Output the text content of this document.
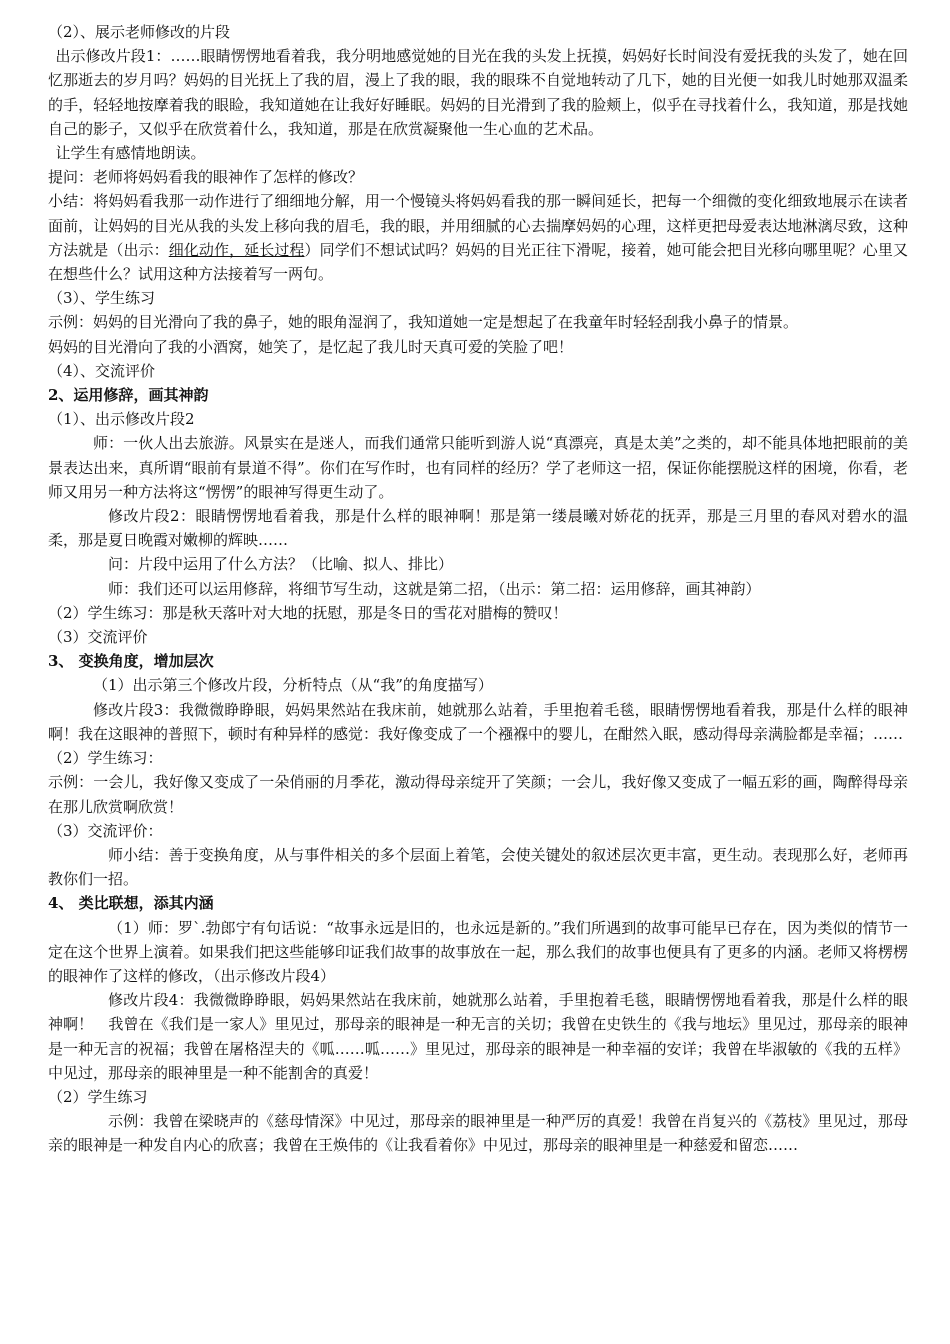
（2）、展示老师修改的片段

出示修改片段1：……眼睛愣愣地看着我，我分明地感觉她的目光在我的头发上抚摸，妈妈好长时间没有爱抚我的头发了，她在回忆那逝去的岁月吗？妈妈的目光抚上了我的眉，漫上了我的眼，我的眼珠不自觉地转动了几下，她的目光便一如我儿时她那双温柔的手，轻轻地按摩着我的眼睑，我知道她在让我好好睡眠。妈妈的目光滑到了我的脸颊上，似乎在寻找着什么，我知道，那是找她自己的影子，又似乎在欣赏着什么，我知道，那是在欣赏凝聚他一生心血的艺术品。

让学生有感情地朗读。

提问：老师将妈妈看我的眼神作了怎样的修改？

小结：将妈妈看我那一动作进行了细细地分解，用一个慢镜头将妈妈看我的那一瞬间延长，把每一个细微的变化细致地展示在读者面前，让妈妈的目光从我的头发上移向我的眉毛，我的眼，并用细腻的心去揣摩妈妈的心理，这样更把母爱表达地淋漓尽致，这种方法就是（出示：细化动作，延长过程）同学们不想试试吗？妈妈的目光正往下滑呢，接着，她可能会把目光移向哪里呢？心里又在想些什么？试用这种方法接着写一两句。

（3）、学生练习

示例：妈妈的目光滑向了我的鼻子，她的眼角湿润了，我知道她一定是想起了在我童年时轻轻刮我小鼻子的情景。

妈妈的目光滑向了我的小酒窝，她笑了，是忆起了我儿时天真可爱的笑脸了吧！

（4）、交流评价

2、运用修辞，画其神韵

（1）、出示修改片段2

师：一伙人出去旅游。风景实在是迷人，而我们通常只能听到游人说“真漂亮，真是太美”之类的，却不能具体地把眼前的美景表达出来，真所谓“眼前有景道不得”。你们在写作时，也有同样的经历？学了老师这一招，保证你能摆脱这样的困境，你看，老师又用另一种方法将这“愣愣”的眼神写得更生动了。

修改片段2：眼睛愣愣地看着我，那是什么样的眼神啊！那是第一缕晨曦对娇花的抚弄，那是三月里的春风对碧水的温柔，那是夏日晚霞对嫩柳的辉映……

问：片段中运用了什么方法？（比喻、拟人、排比）

师：我们还可以运用修辞，将细节写生动，这就是第二招，（出示：第二招：运用修辞，画其神韵）

（2）学生练习：那是秋天落叶对大地的抚慰，那是冬日的雪花对腊梅的赞叹！

（3）交流评价

3、 变换角度，增加层次

（1）出示第三个修改片段，分析特点（从“我”的角度描写）

修改片段3：我微微睁睁眼，妈妈果然站在我床前，她就那么站着，手里抱着毛毯，眼睛愣愣地看着我，那是什么样的眼神啊！我在这眼神的普照下，顿时有种异样的感觉：我好像变成了一个襁褓中的婴儿，在酣然入眠，感动得母亲满脸都是幸福；……

（2）学生练习：

示例：一会儿，我好像又变成了一朵俏丽的月季花，激动得母亲绽开了笑颜；一会儿，我好像又变成了一幅五彩的画，陶醉得母亲在那儿欣赏啊欣赏！

（3）交流评价：

师小结：善于变换角度，从与事件相关的多个层面上着笔，会使关键处的叙述层次更丰富，更生动。表现那么好，老师再教你们一招。

4、 类比联想，添其内涵

（1）师：罗`.勃郎宁有句话说：“故事永远是旧的，也永远是新的。”我们所遇到的故事可能早已存在，因为类似的情节一定在这个世界上演着。如果我们把这些能够印证我们故事的故事放在一起，那么我们的故事也便具有了更多的内涵。老师又将楞楞的眼神作了这样的修改，（出示修改片段4）

修改片段4：我微微睁睁眼，妈妈果然站在我床前，她就那么站着，手里抱着毛毯，眼睛愣愣地看着我，那是什么样的眼神啊！　我曾在《我们是一家人》里见过，那母亲的眼神是一种无言的关切；我曾在史铁生的《我与地坛》里见过，那母亲的眼神是一种无言的祝福；我曾在屠格涅夫的《呱……呱……》里见过，那母亲的眼神是一种幸福的安详；我曾在毕淑敏的《我的五样》中见过，那母亲的眼神里是一种不能割舍的真爱！

（2）学生练习

示例：我曾在梁晓声的《慈母情深》中见过，那母亲的眼神里是一种严厉的真爱！我曾在肖复兴的《荔枝》里见过，那母亲的眼神是一种发自内心的欣喜；我曾在王焕伟的《让我看着你》中见过，那母亲的眼神里是一种慈爱和留恋……
